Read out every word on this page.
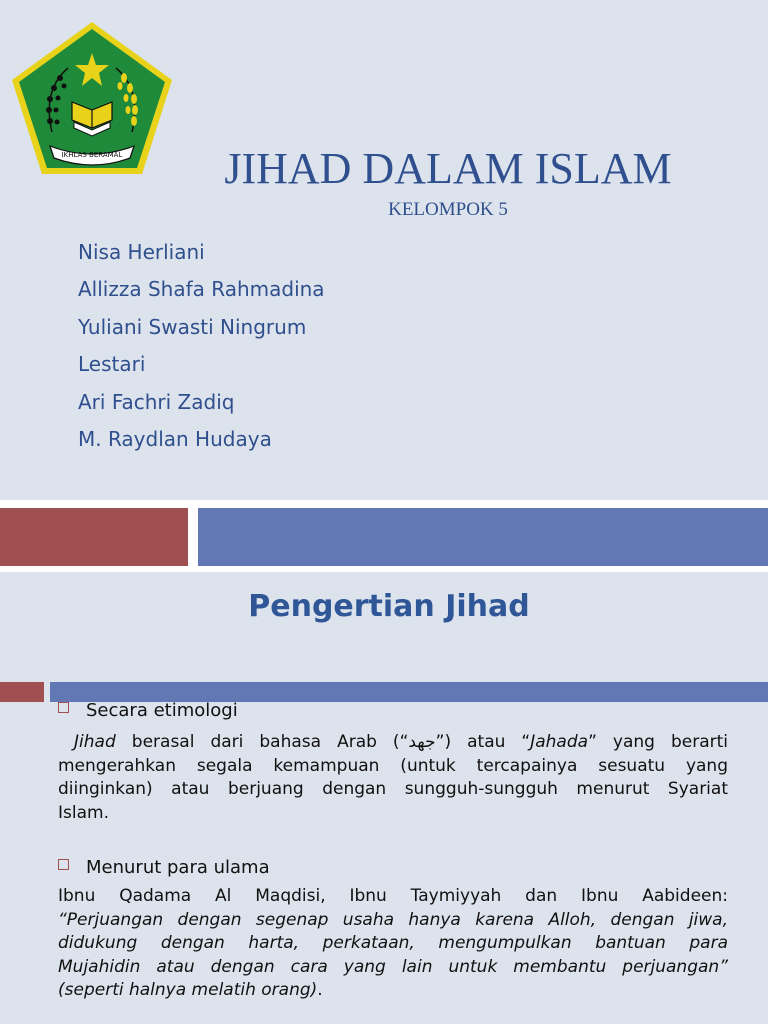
IKHLAS BERAMAL	JIHAD DALAM ISLAM
KELOMPOK 5
Nisa Herliani
Allizza Shafa Rahmadina
Yuliani Swasti Ningrum
Lestari
Ari Fachri Zadiq
M. Raydlan Hudaya
Pengertian Jihad
Secara etimologi
Jihad berasal dari bahasa Arab (“جهد”) atau “Jahada” yang berarti
mengerahkan segala kemampuan (untuk tercapainya sesuatu yang
diinginkan) atau berjuang dengan sungguh-sungguh menurut Syariat
Islam.
Menurut para ulama
Ibnu Qadama Al Maqdisi, Ibnu Taymiyyah dan Ibnu Aabideen:
“Perjuangan dengan segenap usaha hanya karena Alloh, dengan jiwa,
didukung dengan harta, perkataan, mengumpulkan bantuan para
Mujahidin atau dengan cara yang lain untuk membantu perjuangan”
(seperti halnya melatih orang).
